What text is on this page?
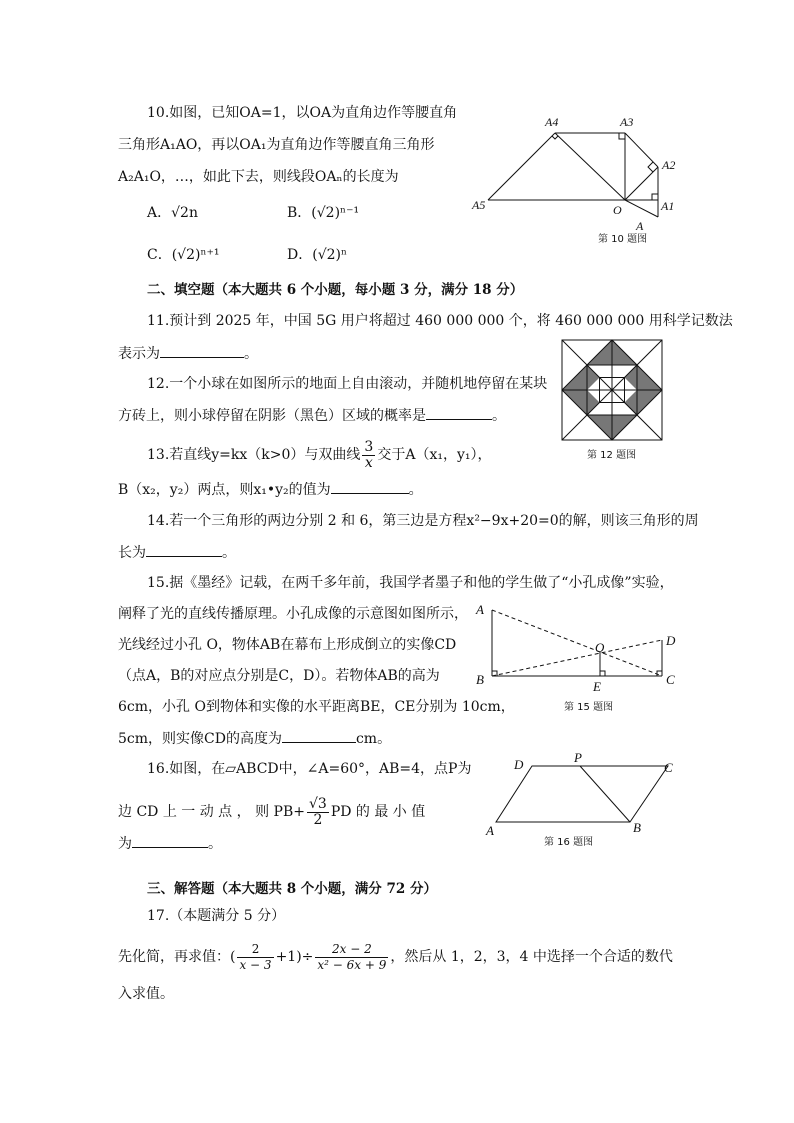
10.如图，已知OA=1，以OA为直角边作等腰直角
三角形A₁AO，再以OA₁为直角边作等腰直角三角形
A₂A₁O，…，如此下去，则线段OAₙ的长度为
A．√2n	B．(√2)ⁿ⁻¹
C．(√2)ⁿ⁺¹	D．(√2)ⁿ
A4	A3
A2
A1
A5	O
A
第 10 题图
二、填空题（本大题共 6 个小题，每小题 3 分，满分 18 分）
11.预计到 2025 年，中国 5G 用户将超过 460 000 000 个，将 460 000 000 用科学记数法
表示为	。
12.一个小球在如图所示的地面上自由滚动，并随机地停留在某块
方砖上，则小球停留在阴影（黑色）区域的概率是	。
第 12 题图
13.若直线y=kx（k>0）与双曲线 $\frac{3}{x}$ 交于A（x₁，y₁），
B（x₂，y₂）两点，则x₁•y₂的值为	。
14.若一个三角形的两边分别 2 和 6，第三边是方程x²−9x+20=0的解，则该三角形的周
长为	。
15.据《墨经》记载，在两千多年前，我国学者墨子和他的学生做了“小孔成像”实验，
阐释了光的直线传播原理。小孔成像的示意图如图所示，
光线经过小孔 O，物体AB在幕布上形成倒立的实像CD
（点A，B的对应点分别是C，D）。若物体AB的高为
6cm，小孔 O到物体和实像的水平距离BE，CE分别为 10cm，
5cm，则实像CD的高度为	cm。
A
B	C
D
E
O
第 15 题图
16.如图，在▱ABCD中，∠A=60°，AB=4，点P为
边 CD 上 一 动 点 ， 则 $PB+ \frac{√3}{2}$ PD 的 最 小 值
为	。
A	B
C
D	P
第 16 题图
三、解答题（本大题共 8 个小题，满分 72 分）
17.（本题满分 5 分）
先化简，再求值：( $\frac{2}{x - 3} +1)\div \frac{2x - 2}{\text{x² − 6x + 9}}$ ，然后从 1，2，3，4 中选择一个合适的数代
入求值。
